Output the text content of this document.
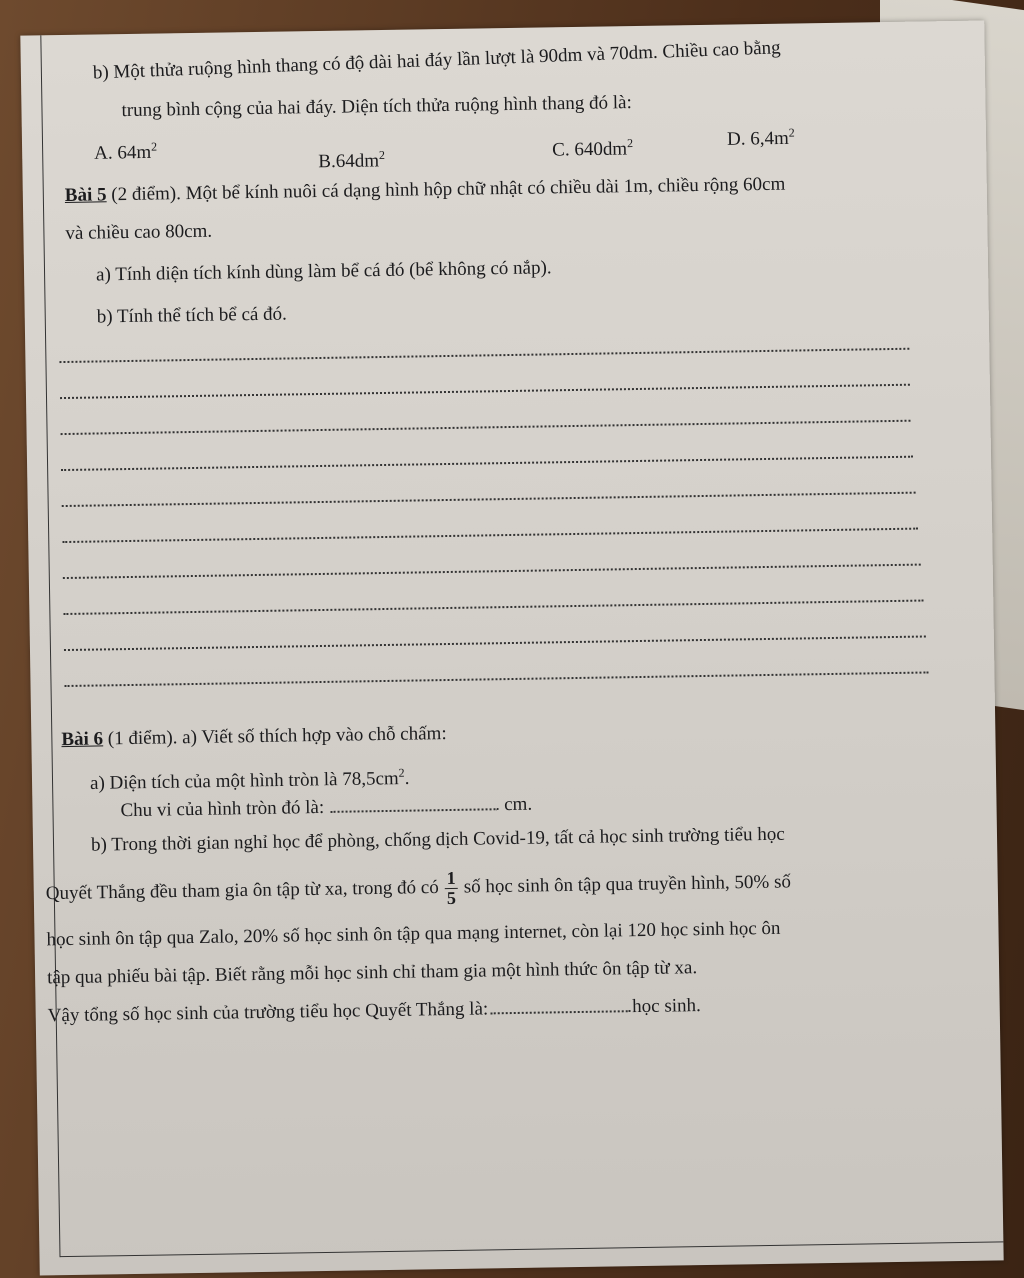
b) Một thửa ruộng hình thang có độ dài hai đáy lần lượt là 90dm và 70dm. Chiều cao bằng
trung bình cộng của hai đáy. Diện tích thửa ruộng hình thang đó là:
A. $64m^2$
$B.64dm^2$	C. $640dm^2$	D. $6,4m^2$
Bài 5 (2 điểm). Một bể kính nuôi cá dạng hình hộp chữ nhật có chiều dài 1m, chiều rộng 60cm
và chiều cao 80cm.
a) Tính diện tích kính dùng làm bể cá đó (bể không có nắp).
b) Tính thể tích bể cá đó.
Bài 6 (1 điểm). a) Viết số thích hợp vào chỗ chấm:
a) Diện tích của một hình tròn là $78,5cm^2$.
Chu vi của hình tròn đó là:	cm.
b) Trong thời gian nghỉ học để phòng, chống dịch Covid-19, tất cả học sinh trường tiểu học
Quyết Thắng đều tham gia ôn tập từ xa, trong đó có $\frac{1}{5}$ số học sinh ôn tập qua truyền hình, 50% số
học sinh ôn tập qua Zalo, 20% số học sinh ôn tập qua mạng internet, còn lại 120 học sinh học ôn
tập qua phiếu bài tập. Biết rằng mỗi học sinh chỉ tham gia một hình thức ôn tập từ xa.
Vậy tổng số học sinh của trường tiểu học Quyết Thắng là:	học sinh.
